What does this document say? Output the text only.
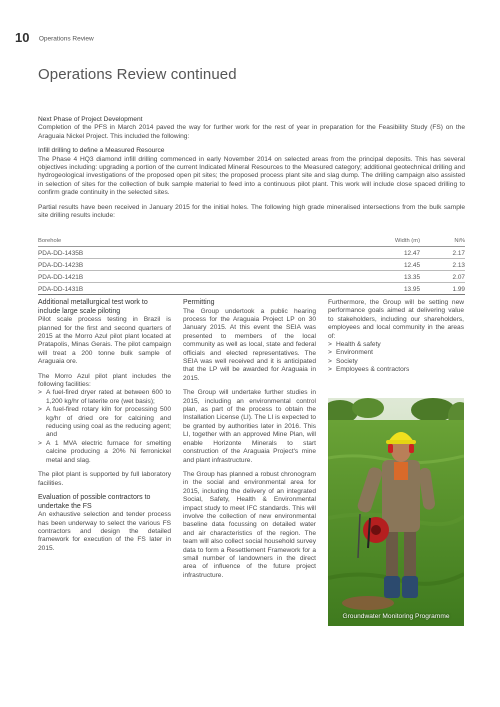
10 Operations Review
Operations Review continued
Next Phase of Project Development

Completion of the PFS in March 2014 paved the way for further work for the rest of year in preparation for the Feasibility Study (FS) on the Araguaia Nickel Project. This included the following:

Infill drilling to define a Measured Resource

The Phase 4 HQ3 diamond infill drilling commenced in early November 2014 on selected areas from the principal deposits. This has several objectives including: upgrading a portion of the current Indicated Mineral Resources to the Measured category; additional geotechnical drilling and hydrogeological investigations of the proposed open pit sites; the proposed process plant site and slag dump. The drilling campaign also assisted in selection of sites for the collection of bulk sample material to feed into a continuous pilot plant. This work will include close spaced drilling to confirm grade continuity in the selected sites.

Partial results have been received in January 2015 for the initial holes. The following high grade mineralised intersections from the bulk sample site drilling results include:

Borehole	Width (m)	Ni%
PDA-DD-1435B	12.47	2.17
PDA-DD-1423B	12.45	2.13
PDA-DD-1421B	13.35	2.07
PDA-DD-1431B	13.95	1.99
Additional metallurgical test work to include large scale piloting

Pilot scale process testing in Brazil is planned for the first and second quarters of 2015 at the Morro Azul pilot plant located at Pratapolis, Minas Gerais. The pilot campaign will treat a 200 tonne bulk sample of Araguaia ore.

The Morro Azul pilot plant includes the following facilities:

> A fuel-fired dryer rated at between 600 to 1,200 kg/hr of laterite ore (wet basis);
> A fuel-fired rotary kiln for processing 500 kg/hr of dried ore for calcining and reducing using coal as the reducing agent; and
> A 1 MVA electric furnace for smelting calcine producing a 20% Ni ferronickel metal and slag.

The pilot plant is supported by full laboratory facilities.

Evaluation of possible contractors to undertake the FS

An exhaustive selection and tender process has been underway to select the various FS contractors and design the detailed framework for execution of the FS later in 2015.

Permitting

The Group undertook a public hearing process for the Araguaia Project LP on 30 January 2015. At this event the SEIA was presented to members of the local community as well as local, state and federal officials and elected representatives. The SEIA was well received and it is anticipated that the LP will be awarded for Araguaia in 2015.

The Group will undertake further studies in 2015, including an environmental control plan, as part of the process to obtain the Installation License (LI). The LI is expected to be granted by authorities later in 2016. This LI, together with an approved Mine Plan, will enable Horizonte Minerals to start construction of the Araguaia Project's mine and plant infrastructure.

The Group has planned a robust chronogram in the social and environmental area for 2015, including the delivery of an integrated Social, Safety, Health & Environmental impact study to meet IFC standards. This will involve the collection of new environmental baseline data focussing on detailed water and air characteristics of the region. The team will also collect social household survey data to form a Resettlement Framework for a small number of landowners in the direct area of influence of the future project infrastructure.

Furthermore, the Group will be setting new performance goals aimed at delivering value to stakeholders, including our shareholders, employees and local community in the areas of:

> Health & safety
> Environment
> Society
> Employees & contractors
Groundwater Monitoring Programme
